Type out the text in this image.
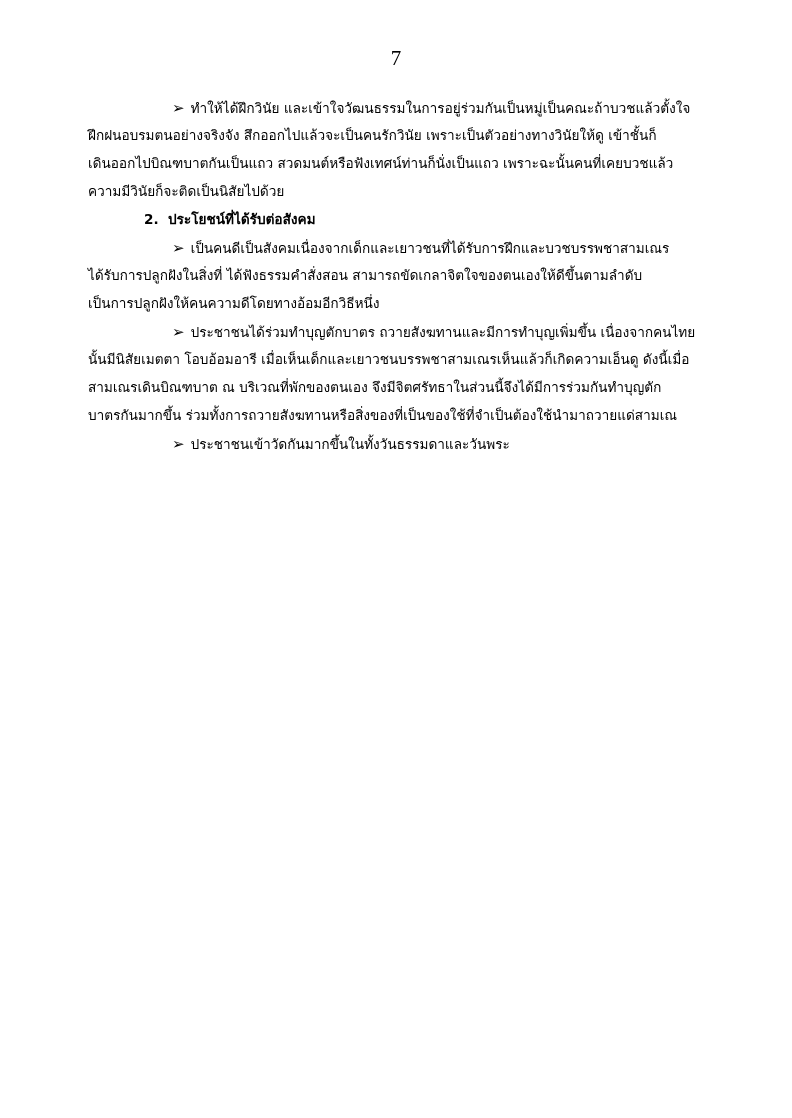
7
➢ ทำให้ได้ฝึกวินัย และเข้าใจวัฒนธรรมในการอยู่ร่วมกันเป็นหมู่เป็นคณะถ้าบวชแล้วตั้งใจ
ฝึกฝนอบรมตนอย่างจริงจัง สึกออกไปแล้วจะเป็นคนรักวินัย เพราะเป็นตัวอย่างทางวินัยให้ดู เข้าชั้นก็
เดินออกไปบิณฑบาตกันเป็นแถว สวดมนต์หรือฟังเทศน์ท่านก็นั่งเป็นแถว เพราะฉะนั้นคนที่เคยบวชแล้ว
ความมีวินัยก็จะติดเป็นนิสัยไปด้วย
2. ประโยชน์ที่ได้รับต่อสังคม
➢ เป็นคนดีเป็นสังคมเนื่องจากเด็กและเยาวชนที่ได้รับการฝึกและบวชบรรพชาสามเณร
ได้รับการปลูกฝังในสิ่งที่ ได้ฟังธรรมคำสั่งสอน สามารถขัดเกลาจิตใจของตนเองให้ดีขึ้นตามลำดับ
เป็นการปลูกฝังให้คนความดีโดยทางอ้อมอีกวิธีหนึ่ง
➢ ประชาชนได้ร่วมทำบุญตักบาตร ถวายสังฆทานและมีการทำบุญเพิ่มขึ้น เนื่องจากคนไทย
นั้นมีนิสัยเมตตา โอบอ้อมอารี เมื่อเห็นเด็กและเยาวชนบรรพชาสามเณรเห็นแล้วก็เกิดความเอ็นดู ดังนี้เมื่อ
สามเณรเดินบิณฑบาต ณ บริเวณที่พักของตนเอง จึงมีจิตศรัทธาในส่วนนี้จึงได้มีการร่วมกันทำบุญตัก
บาตรกันมากขึ้น ร่วมทั้งการถวายสังฆทานหรือสิ่งของที่เป็นของใช้ที่จำเป็นต้องใช้นำมาถวายแด่สามเณ
➢ ประชาชนเข้าวัดกันมากขึ้นในทั้งวันธรรมดาและวันพระ
